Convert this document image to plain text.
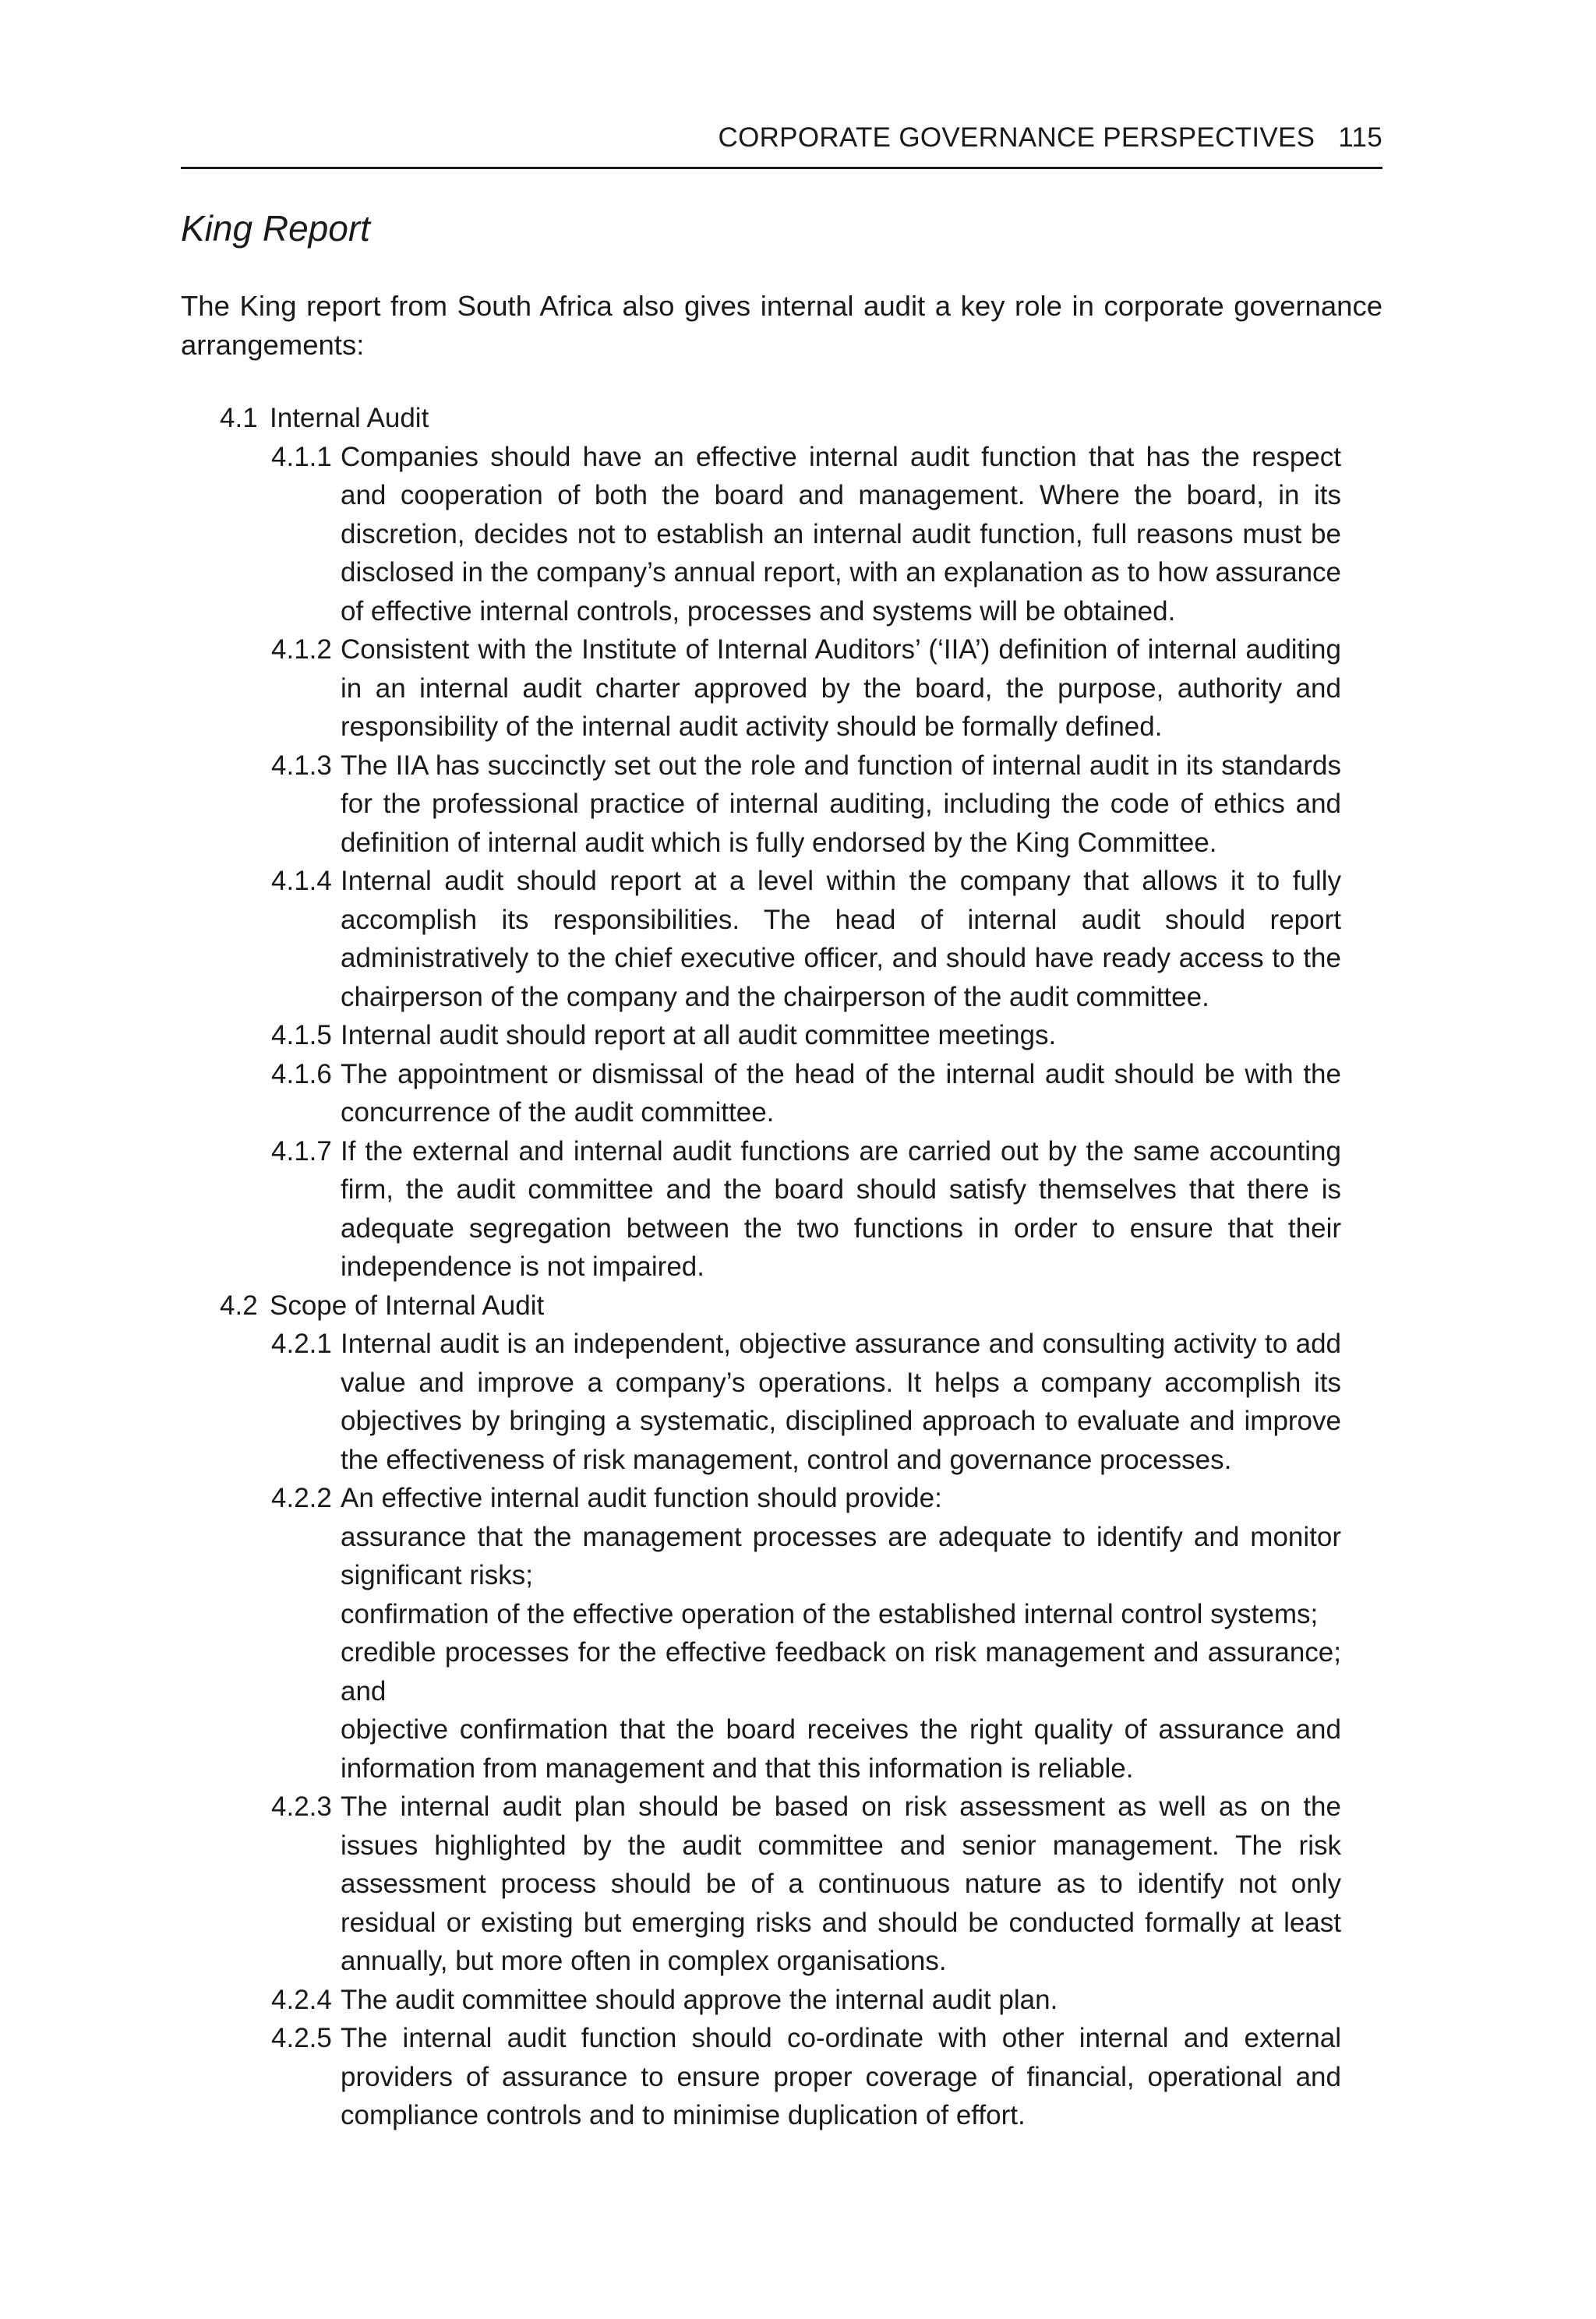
CORPORATE GOVERNANCE PERSPECTIVES 115
King Report

The King report from South Africa also gives internal audit a key role in corporate governance arrangements:

4.1 Internal Audit
4.1.1 Companies should have an effective internal audit function that has the respect and cooperation of both the board and management. Where the board, in its discretion, decides not to establish an internal audit function, full reasons must be disclosed in the company’s annual report, with an explanation as to how assurance of effective internal controls, processes and systems will be obtained.
4.1.2 Consistent with the Institute of Internal Auditors’ (‘IIA’) definition of internal auditing in an internal audit charter approved by the board, the purpose, authority and responsibility of the internal audit activity should be formally defined.
4.1.3 The IIA has succinctly set out the role and function of internal audit in its standards for the professional practice of internal auditing, including the code of ethics and definition of internal audit which is fully endorsed by the King Committee.
4.1.4 Internal audit should report at a level within the company that allows it to fully accomplish its responsibilities. The head of internal audit should report administratively to the chief executive officer, and should have ready access to the chairperson of the company and the chairperson of the audit committee.
4.1.5 Internal audit should report at all audit committee meetings.
4.1.6 The appointment or dismissal of the head of the internal audit should be with the concurrence of the audit committee.
4.1.7 If the external and internal audit functions are carried out by the same accounting firm, the audit committee and the board should satisfy themselves that there is adequate segregation between the two functions in order to ensure that their independence is not impaired.
4.2 Scope of Internal Audit
4.2.1 Internal audit is an independent, objective assurance and consulting activity to add value and improve a company’s operations. It helps a company accomplish its objectives by bringing a systematic, disciplined approach to evaluate and improve the effectiveness of risk management, control and governance processes.
4.2.2 An effective internal audit function should provide:
assurance that the management processes are adequate to identify and monitor significant risks;
confirmation of the effective operation of the established internal control systems;
credible processes for the effective feedback on risk management and assurance; and
objective confirmation that the board receives the right quality of assurance and information from management and that this information is reliable.
4.2.3 The internal audit plan should be based on risk assessment as well as on the issues highlighted by the audit committee and senior management. The risk assessment process should be of a continuous nature as to identify not only residual or existing but emerging risks and should be conducted formally at least annually, but more often in complex organisations.
4.2.4 The audit committee should approve the internal audit plan.
4.2.5 The internal audit function should co-ordinate with other internal and external providers of assurance to ensure proper coverage of financial, operational and compliance controls and to minimise duplication of effort.
